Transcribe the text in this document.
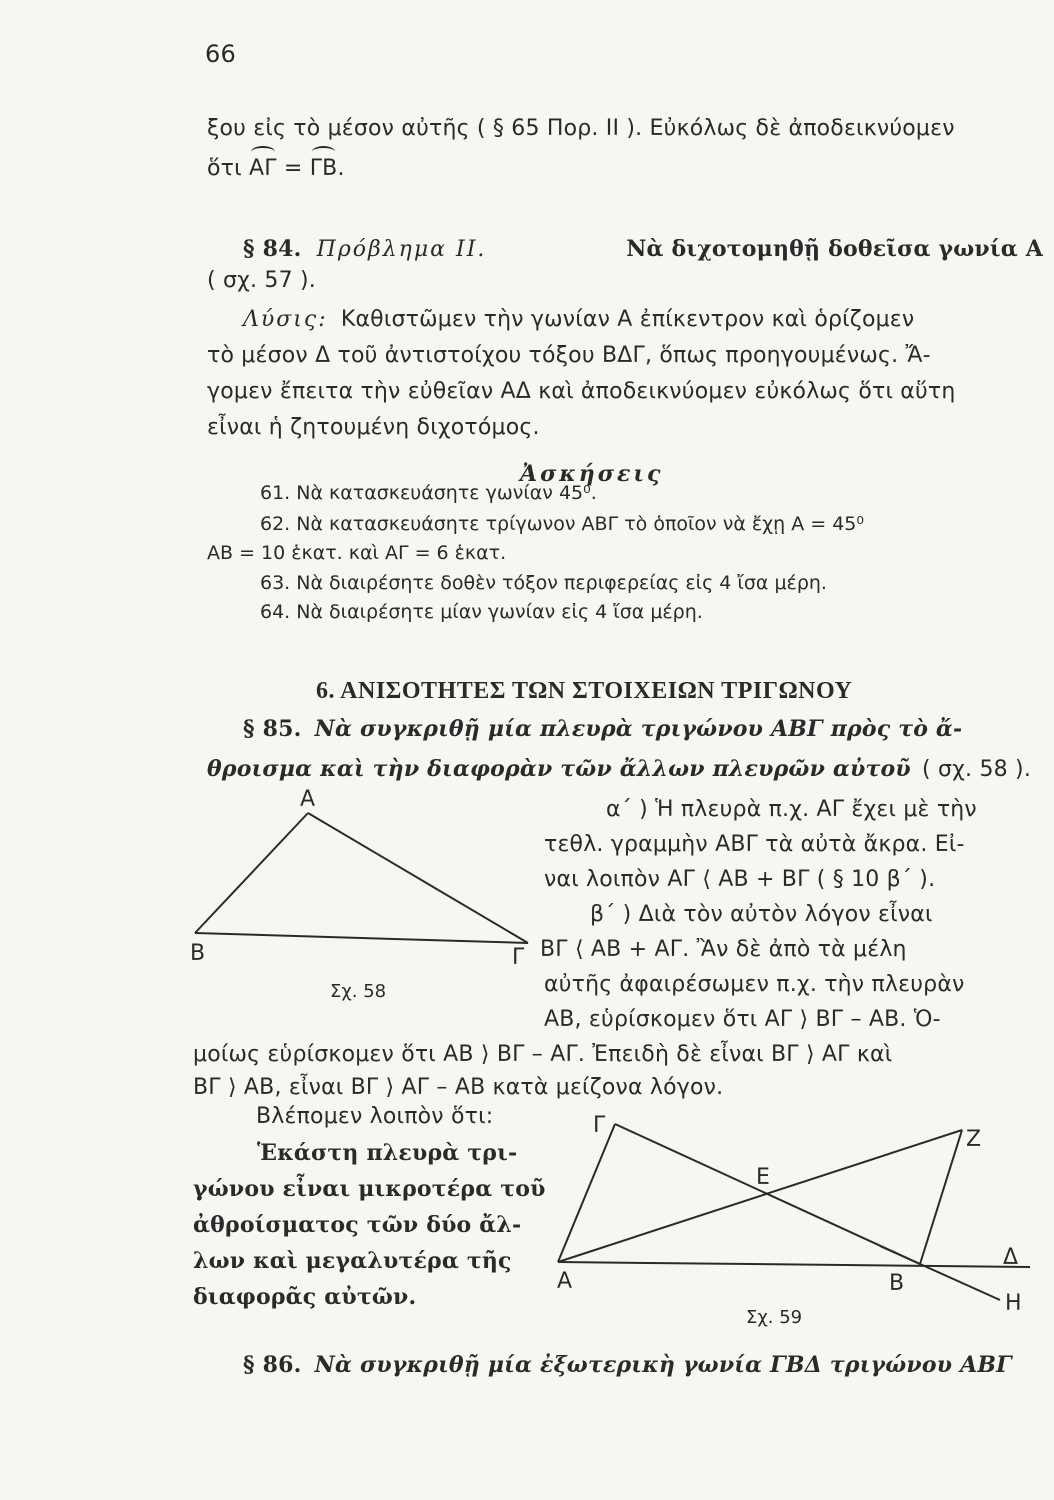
66
ξου εἰς τὸ μέσον αὐτῆς ( § 65 Πορ. ΙΙ ). Εὐκόλως δὲ ἀποδεικνύομεν
ὅτι ΑΓ = ΓΒ.
§ 84. Πρόβλημα ΙΙ.	Νὰ διχοτομηθῇ δοθεῖσα γωνία Α
( σχ. 57 ).
Λύσις: Καθιστῶμεν τὴν γωνίαν Α ἐπίκεντρον καὶ ὁρίζομεν
τὸ μέσον Δ τοῦ ἀντιστοίχου τόξου ΒΔΓ, ὅπως προηγουμένως. Ἄ-
γομεν ἔπειτα τὴν εὐθεῖαν ΑΔ καὶ ἀποδεικνύομεν εὐκόλως ὅτι αὕτη
εἶναι ἡ ζητουμένη διχοτόμος.
Ἀσκήσεις
61. Νὰ κατασκευάσητε γωνίαν 45⁰.
62. Νὰ κατασκευάσητε τρίγωνον ΑΒΓ τὸ ὁποῖον νὰ ἔχῃ Α = 45⁰
ΑΒ = 10 ἑκατ. καὶ ΑΓ = 6 ἑκατ.
63. Νὰ διαιρέσητε δοθὲν τόξον περιφερείας εἰς 4 ἴσα μέρη.
64. Νὰ διαιρέσητε μίαν γωνίαν εἰς 4 ἴσα μέρη.
6. ΑΝΙΣΟΤΗΤΕΣ ΤΩΝ ΣΤΟΙΧΕΙΩΝ ΤΡΙΓΩΝΟΥ
§ 85. Νὰ συγκριθῇ μία πλευρὰ τριγώνου ΑΒΓ πρὸς τὸ ἄ-
θροισμα καὶ τὴν διαφορὰν τῶν ἄλλων πλευρῶν αὐτοῦ ( σχ. 58 ).
α΄ ) Ἡ πλευρὰ π.χ. ΑΓ ἔχει μὲ τὴν
τεθλ. γραμμὴν ΑΒΓ τὰ αὐτὰ ἄκρα. Εἰ-
ναι λοιπὸν ΑΓ ⟨ ΑΒ + ΒΓ ( § 10 β΄ ).
β΄ ) Διὰ τὸν αὐτὸν λόγον εἶναι
ΒΓ ⟨ ΑΒ + ΑΓ. Ἂν δὲ ἀπὸ τὰ μέλη
αὐτῆς ἀφαιρέσωμεν π.χ. τὴν πλευρὰν
ΑΒ, εὑρίσκομεν ὅτι ΑΓ ⟩ ΒΓ – ΑΒ. Ὁ-
μοίως εὑρίσκομεν ὅτι ΑΒ ⟩ ΒΓ – ΑΓ. Ἐπειδὴ δὲ εἶναι ΒΓ ⟩ ΑΓ καὶ
ΒΓ ⟩ ΑΒ, εἶναι ΒΓ ⟩ ΑΓ – ΑΒ κατὰ μείζονα λόγον.
Βλέπομεν λοιπὸν ὅτι:
Ἑκάστη πλευρὰ τρι-
γώνου εἶναι μικροτέρα τοῦ
ἀθροίσματος τῶν δύο ἄλ-
λων καὶ μεγαλυτέρα τῆς
διαφορᾶς αὐτῶν.
§ 86. Νὰ συγκριθῇ μία ἐξωτερικὴ γωνία ΓΒΔ τριγώνου ΑΒΓ
Α
Β	Γ
Σχ. 58
Γ
Ζ
Ε
Α	Β
Δ
Η
Σχ. 59
